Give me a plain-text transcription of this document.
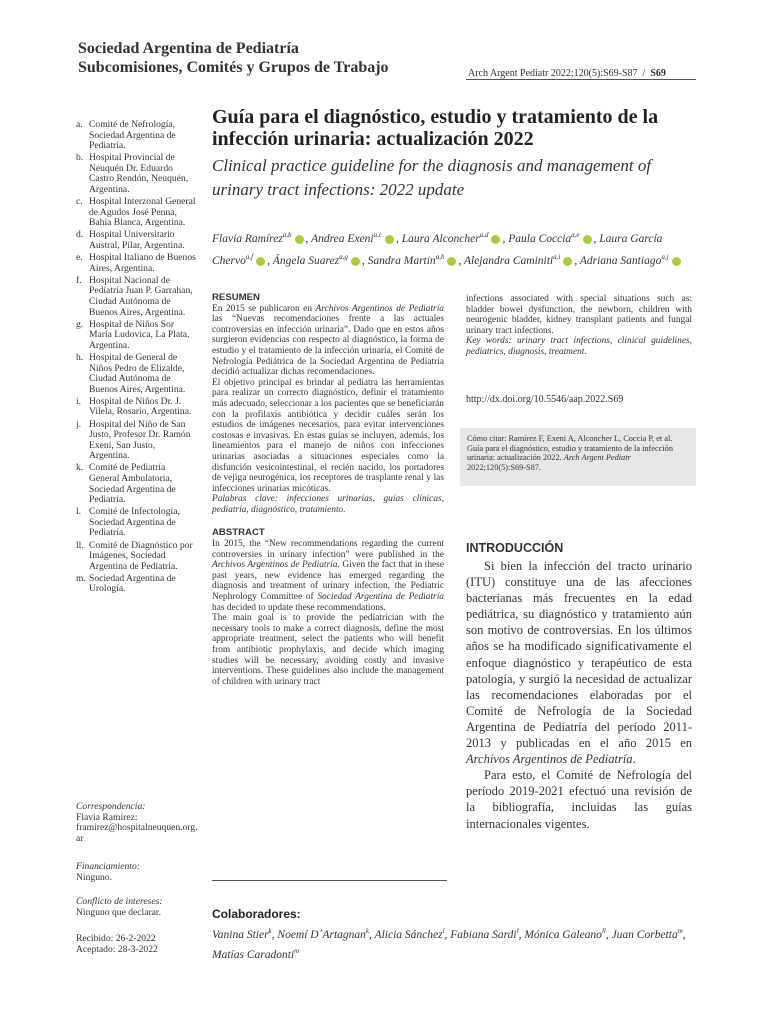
Sociedad Argentina de Pediatría
Subcomisiones, Comités y Grupos de Trabajo	Arch Argent Pediatr 2022;120(5):S69-S87  /  S69
Guía para el diagnóstico, estudio y tratamiento de la infección urinaria: actualización 2022
Clinical practice guideline for the diagnosis and management of urinary tract infections: 2022 update
Flavia Ramírez$^{a,b}$ , Andrea Exeni$^{a,c}$ , Laura Alconcher$^{a,d}$ , Paula Coccia$^{a,e}$ , Laura García Chervo$^{a,f}$ , Ángela Suarez$^{a,g}$ , Sandra Martin$^{a,h}$ , Alejandra Caminiti$^{a,i}$ , Adriana Santiago$^{a,j}$
a. Comité de Nefrología, Sociedad Argentina de Pediatría.
b. Hospital Provincial de Neuquén Dr. Eduardo Castro Rendón, Neuquén, Argentina.
c. Hospital Interzonal General de Agudos José Penna, Bahía Blanca, Argentina.
d. Hospital Universitario Austral, Pilar, Argentina.
e. Hospital Italiano de Buenos Aires, Argentina.
f. Hospital Nacional de Pediatría Juan P. Garrahan, Ciudad Autónoma de Buenos Aires, Argentina.
g. Hospital de Niños Sor María Ludovica, La Plata, Argentina.
h. Hospital de General de Niños Pedro de Elizalde, Ciudad Autónoma de Buenos Aires, Argentina.
i. Hospital de Niños Dr. J. Vilela, Rosario, Argentina.
j. Hospital del Niño de San Justo, Profesor Dr. Ramón Exeni, San Justo, Argentina.
k. Comité de Pediatría General Ambulatoria, Sociedad Argentina de Pediatría.
l. Comité de Infectología, Sociedad Argentina de Pediatría.
ll. Comité de Diagnóstico por Imágenes, Sociedad Argentina de Pediatría.
m. Sociedad Argentina de Urología.
Correspondencia:
Flavia Ramírez:
framirez@hospitalneuquen.org.ar
Financiamiento:
Ninguno.
Conflicto de intereses:
Ninguno que declarar.
Recibido: 26-2-2022
Aceptado: 28-3-2022
RESUMEN

En 2015 se publicaron en Archivos Argentinos de Pediatría las “Nuevas recomendaciones frente a las actuales controversias en infección urinaria”. Dado que en estos años surgieron evidencias con respecto al diagnóstico, la forma de estudio y el tratamiento de la infección urinaria, el Comité de Nefrología Pediátrica de la Sociedad Argentina de Pediatría decidió actualizar dichas recomendaciones.

El objetivo principal es brindar al pediatra las herramientas para realizar un correcto diagnóstico, definir el tratamiento más adecuado, seleccionar a los pacientes que se beneficiarán con la profilaxis antibiótica y decidir cuáles serán los estudios de imágenes necesarios, para evitar intervenciones costosas e invasivas. En estas guías se incluyen, además, los lineamientos para el manejo de niños con infecciones urinarias asociadas a situaciones especiales como la disfunción vesicointestinal, el recién nacido, los portadores de vejiga neurogénica, los receptores de trasplante renal y las infecciones urinarias micóticas.

Palabras clave: infecciones urinarias, guías clínicas, pediatría, diagnóstico, tratamiento.

ABSTRACT

In 2015, the “New recommendations regarding the current controversies in urinary infection” were published in the Archivos Argentinos de Pediatría. Given the fact that in these past years, new evidence has emerged regarding the diagnosis and treatment of urinary infection, the Pediatric Nephrology Committee of Sociedad Argentina de Pediatría has decided to update these recommendations.

The main goal is to provide the pediatrician with the necessary tools to make a correct diagnosis, define the most appropriate treatment, select the patients who will benefit from antibiotic prophylaxis, and decide which imaging studies will be necessary, avoiding costly and invasive interventions. These guidelines also include the management of children with urinary tract

infections associated with special situations such as: bladder bowel dysfunction, the newborn, children with neurogenic bladder, kidney transplant patients and fungal urinary tract infections.

Key words: urinary tract infections, clinical guidelines, pediatrics, diagnosis, treatment.

http://dx.doi.org/10.5546/aap.2022.S69
Cómo citar: Ramírez F, Exeni A, Alconcher L, Coccia P, et al. Guía para el diagnóstico, estudio y tratamiento de la infección urinaria: actualización 2022. Arch Argent Pediatr 2022;120(5):S69-S87.
INTRODUCCIÓN

Si bien la infección del tracto urinario (ITU) constituye una de las afecciones bacterianas más frecuentes en la edad pediátrica, su diagnóstico y tratamiento aún son motivo de controversias. En los últimos años se ha modificado significativamente el enfoque diagnóstico y terapéutico de esta patología, y surgió la necesidad de actualizar las recomendaciones elaboradas por el Comité de Nefrología de la Sociedad Argentina de Pediatría del período 2011-2013 y publicadas en el año 2015 en Archivos Argentinos de Pediatría.

Para esto, el Comité de Nefrología del período 2019-2021 efectuó una revisión de la bibliografía, incluidas las guías internacionales vigentes.

Colaboradores:
Vanina Stier$^k$, Noemí D´Artagnan$^k$, Alicia Sánchez$^l$, Fabiana Sardi$^l$, Mónica Galeano$^{ll}$, Juan Corbetta$^m$, Matías Caradonti$^m$
